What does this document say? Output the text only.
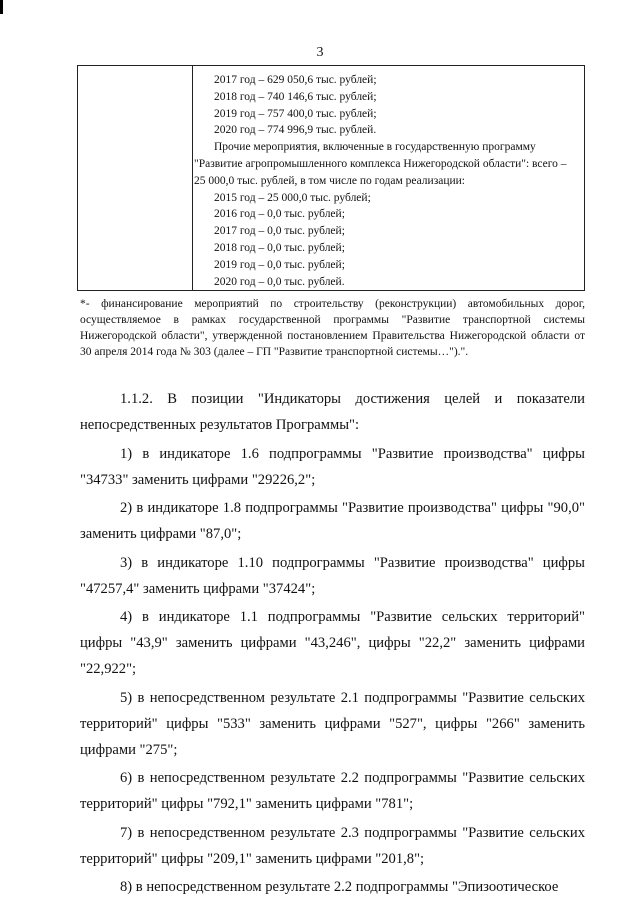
3
2017 год – 629 050,6 тыс. рублей;
2018 год – 740 146,6 тыс. рублей;
2019 год – 757 400,0 тыс. рублей;
2020 год – 774 996,9 тыс. рублей.
Прочие мероприятия, включенные в государственную программу "Развитие агропромышленного комплекса Нижегородской области": всего – 25 000,0 тыс. рублей, в том числе по годам реализации:
2015 год – 25 000,0 тыс. рублей;
2016 год – 0,0 тыс. рублей;
2017 год – 0,0 тыс. рублей;
2018 год – 0,0 тыс. рублей;
2019 год – 0,0 тыс. рублей;
2020 год – 0,0 тыс. рублей.
*- финансирование мероприятий по строительству (реконструкции) автомобильных дорог, осуществляемое в рамках государственной программы "Развитие транспортной системы Нижегородской области", утвержденной постановлением Правительства Нижегородской области от 30 апреля 2014 года № 303 (далее – ГП "Развитие транспортной системы…").".

1.1.2. В позиции "Индикаторы достижения целей и показатели непосредственных результатов Программы":

1) в индикаторе 1.6 подпрограммы "Развитие производства" цифры "34733" заменить цифрами "29226,2";

2) в индикаторе 1.8 подпрограммы "Развитие производства" цифры "90,0" заменить цифрами "87,0";

3) в индикаторе 1.10 подпрограммы "Развитие производства" цифры "47257,4" заменить цифрами "37424";

4) в индикаторе 1.1 подпрограммы "Развитие сельских территорий" цифры "43,9" заменить цифрами "43,246", цифры "22,2" заменить цифрами "22,922";

5) в непосредственном результате 2.1 подпрограммы "Развитие сельских территорий" цифры "533" заменить цифрами "527", цифры "266" заменить цифрами "275";

6) в непосредственном результате 2.2 подпрограммы "Развитие сельских территорий" цифры "792,1" заменить цифрами "781";

7) в непосредственном результате 2.3 подпрограммы "Развитие сельских территорий" цифры "209,1" заменить цифрами "201,8";

8) в непосредственном результате 2.2 подпрограммы "Эпизоотическое
